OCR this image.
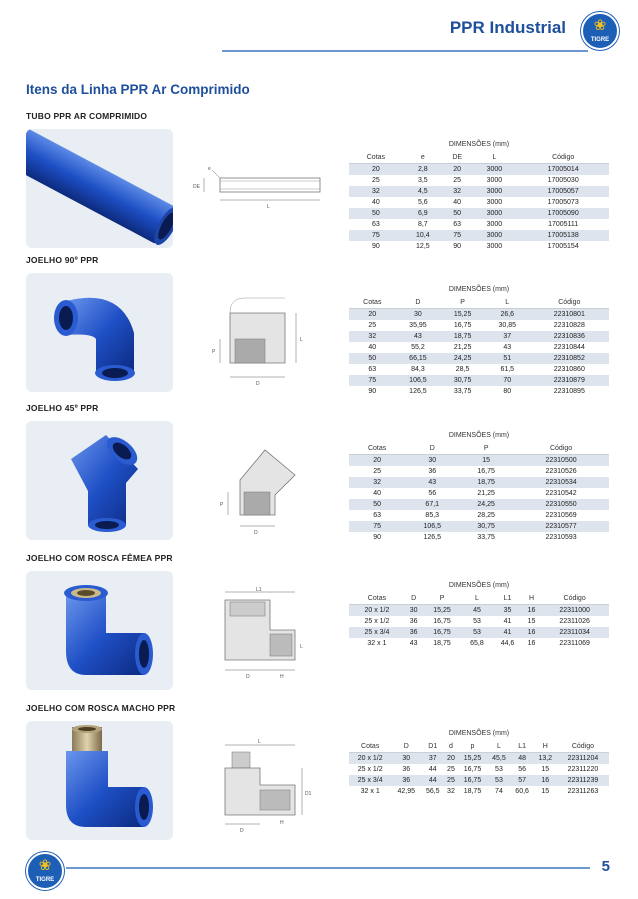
PPR Industrial ❀
TIGRE
Itens da Linha PPR Ar Comprimido
TUBO PPR AR COMPRIMIDO
e
DE
L
DIMENSÕES (mm)
Cotas	e	DE	L	Código
20	2,8	20	3000	17005014
25	3,5	25	3000	17005030
32	4,5	32	3000	17005057
40	5,6	40	3000	17005073
50	6,9	50	3000	17005090
63	8,7	63	3000	17005111
75	10,4	75	3000	17005138
90	12,5	90	3000	17005154
JOELHO 90º PPR
D
P
L
DIMENSÕES (mm)
Cotas	D	P	L	Código
20	30	15,25	26,6	22310801
25	35,95	16,75	30,85	22310828
32	43	18,75	37	22310836
40	55,2	21,25	43	22310844
50	66,15	24,25	51	22310852
63	84,3	28,5	61,5	22310860
75	106,5	30,75	70	22310879
90	126,5	33,75	80	22310895
JOELHO 45º PPR
D
P
DIMENSÕES (mm)
Cotas	D	P	Código
20	30	15	22310500
25	36	16,75	22310526
32	43	18,75	22310534
40	56	21,25	22310542
50	67,1	24,25	22310550
63	85,3	28,25	22310569
75	106,5	30,75	22310577
90	126,5	33,75	22310593
JOELHO COM ROSCA FÊMEA PPR
L1
D	H
L
DIMENSÕES (mm)
Cotas	D	P	L	L1	H	Código
20 x 1/2	30	15,25	45	35	16	22311000
25 x 1/2	36	16,75	53	41	15	22311026
25 x 3/4	36	16,75	53	41	16	22311034
32 x 1	43	18,75	65,8	44,6	16	22311069
JOELHO COM ROSCA MACHO PPR
L
D1
D
H
DIMENSÕES (mm)
Cotas	D	D1	d	p	L	L1	H	Código
20 x 1/2	30	37	20	15,25	45,5	48	13,2	22311204
25 x 1/2	36	44	25	16,75	53	56	15	22311220
25 x 3/4	36	44	25	16,75	53	57	16	22311239
32 x 1	42,95	56,5	32	18,75	74	60,6	15	22311263
❀
TIGRE
5
